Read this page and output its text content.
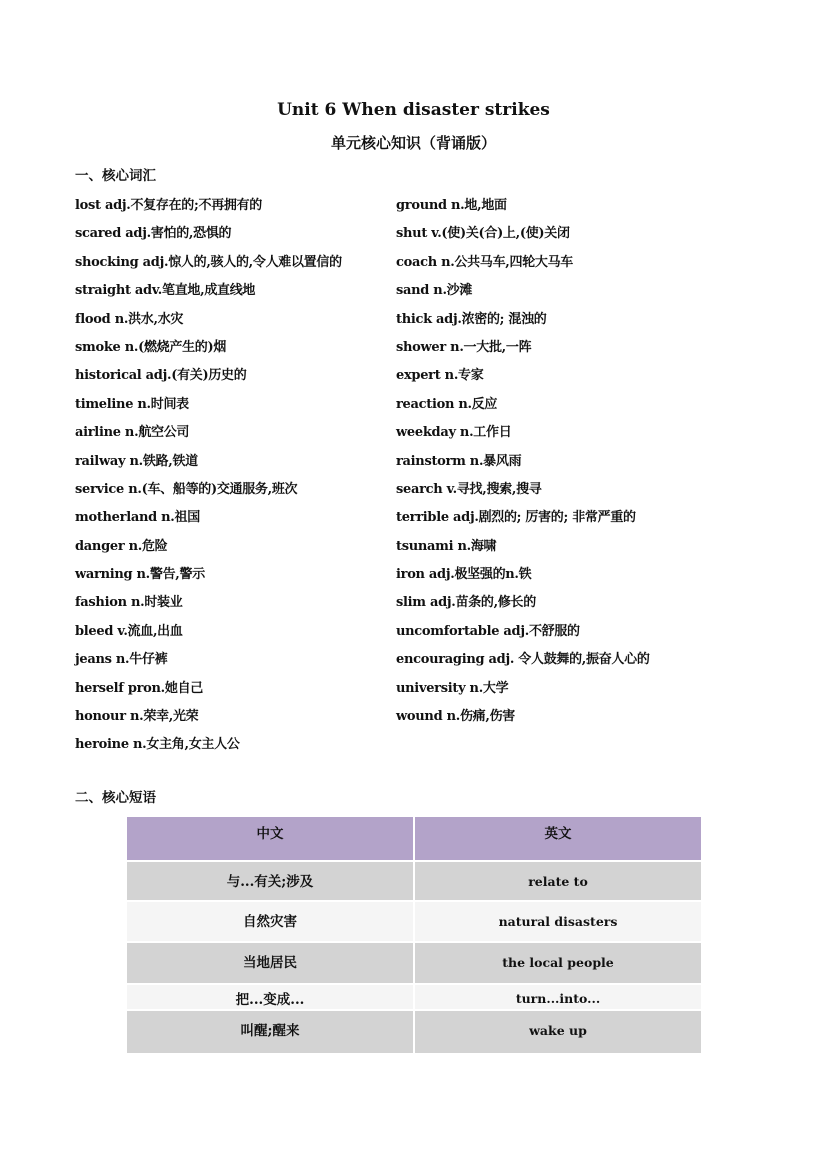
Unit 6 When disaster strikes
单元核心知识（背诵版）
一、核心词汇
lost adj.不复存在的;不再拥有的
scared adj.害怕的,恐惧的
shocking adj.惊人的,骇人的,令人难以置信的
straight adv.笔直地,成直线地
flood n.洪水,水灾
smoke n.(燃烧产生的)烟
historical adj.(有关)历史的
timeline n.时间表
airline n.航空公司
railway n.铁路,铁道
service n.(车、船等的)交通服务,班次
motherland n.祖国
danger n.危险
warning n.警告,警示
fashion n.时装业
bleed v.流血,出血
jeans n.牛仔裤
herself pron.她自己
honour n.荣幸,光荣
heroine n.女主角,女主人公
ground n.地,地面
shut v.(使)关(合)上,(使)关闭
coach n.公共马车,四轮大马车
sand n.沙滩
thick adj.浓密的; 混浊的
shower n.一大批,一阵
expert n.专家
reaction n.反应
weekday n.工作日
rainstorm n.暴风雨
search v.寻找,搜索,搜寻
terrible adj.剧烈的; 厉害的; 非常严重的
tsunami n.海啸
iron adj.极坚强的n.铁
slim adj.苗条的,修长的
uncomfortable adj.不舒服的
encouraging adj. 令人鼓舞的,振奋人心的
university n.大学
wound n.伤痛,伤害
二、核心短语
中文	英文
与...有关;涉及	relate to
自然灾害	natural disasters
当地居民	the local people
把...变成...	turn...into...
叫醒;醒来	wake up
